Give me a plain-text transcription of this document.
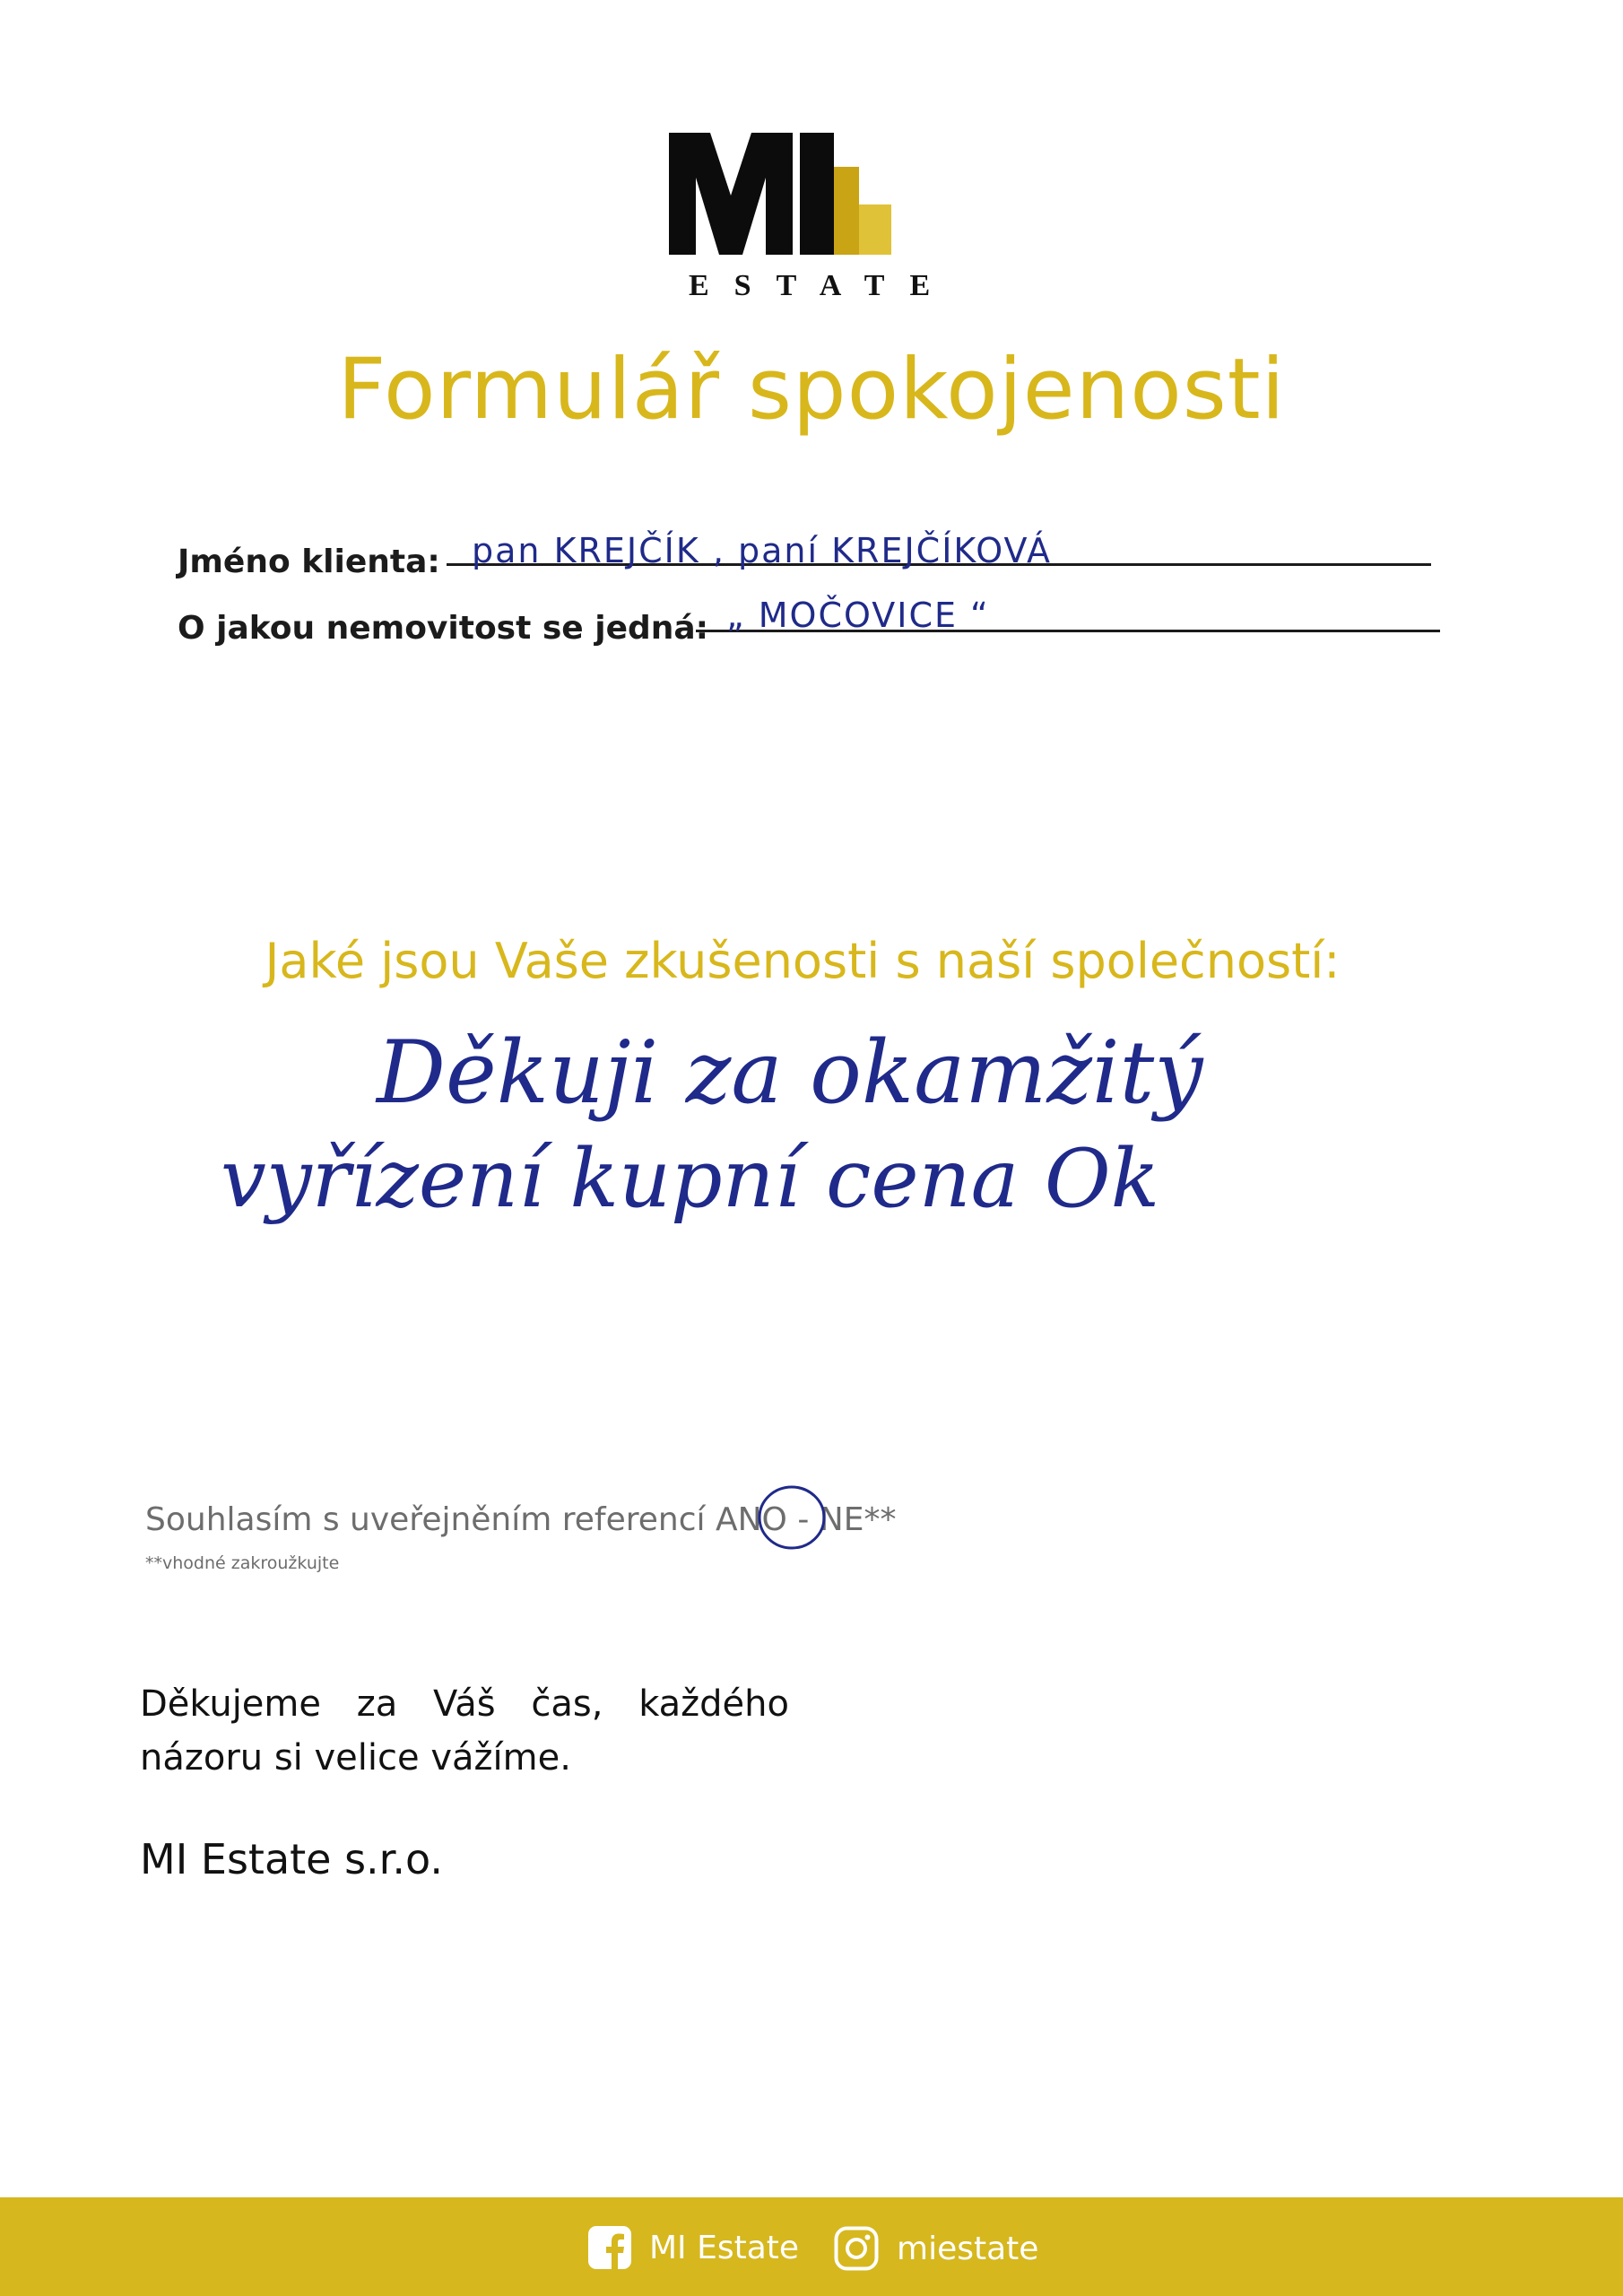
ESTATE
Formulář spokojenosti
Jméno klienta: pan KREJČÍK , paní KREJČÍKOVÁ
O jakou nemovitost se jedná: „ MOČOVICE “
Jaké jsou Vaše zkušenosti s naší společností:
Děkuji za okamžitý
vyřízení kupní cena Ok
Souhlasím s uveřejněním referencí ANO - NE**
**vhodné zakroužkujte
Děkujeme za Váš čas, každého názoru si velice vážíme.
MI Estate s.r.o.
MI Estate	miestate
